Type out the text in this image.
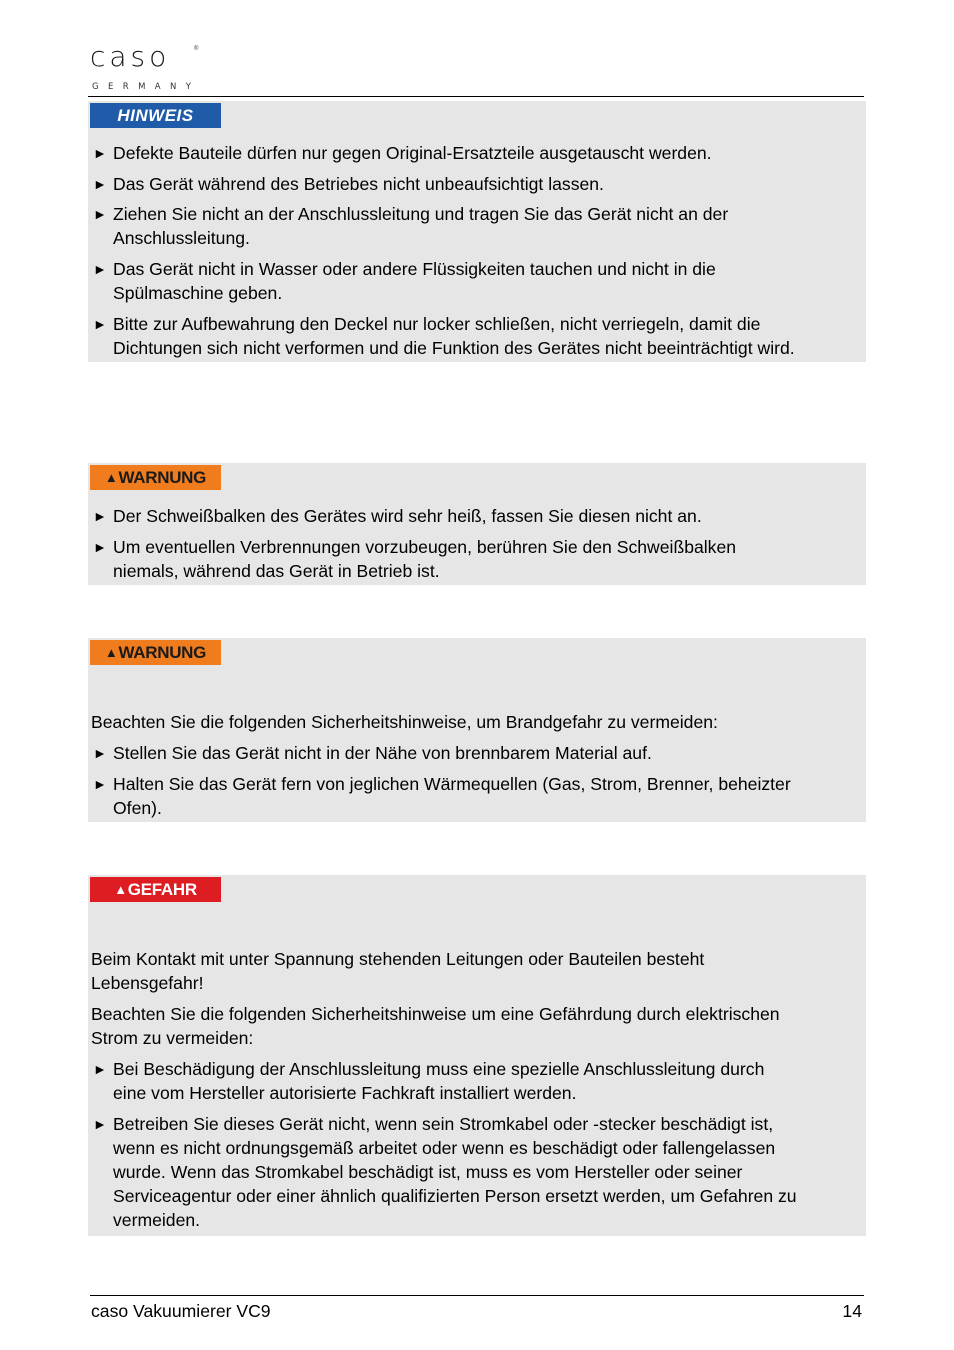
caso	®
GERMANY
HINWEIS
► Defekte Bauteile dürfen nur gegen Original-Ersatzteile ausgetauscht werden.

► Das Gerät während des Betriebes nicht unbeaufsichtigt lassen.

► Ziehen Sie nicht an der Anschlussleitung und tragen Sie das Gerät nicht an der

Anschlussleitung.

► Das Gerät nicht in Wasser oder andere Flüssigkeiten tauchen und nicht in die

Spülmaschine geben.

► Bitte zur Aufbewahrung den Deckel nur locker schließen, nicht verriegeln, damit die

Dichtungen sich nicht verformen und die Funktion des Gerätes nicht beeinträchtigt wird.

▲WARNUNG
► Der Schweißbalken des Gerätes wird sehr heiß, fassen Sie diesen nicht an.

► Um eventuellen Verbrennungen vorzubeugen, berühren Sie den Schweißbalken

niemals, während das Gerät in Betrieb ist.

▲WARNUNG

Beachten Sie die folgenden Sicherheitshinweise, um Brandgefahr zu vermeiden:

► Stellen Sie das Gerät nicht in der Nähe von brennbarem Material auf.

► Halten Sie das Gerät fern von jeglichen Wärmequellen (Gas, Strom, Brenner, beheizter

Ofen).

▲GEFAHR

Beim Kontakt mit unter Spannung stehenden Leitungen oder Bauteilen besteht

Lebensgefahr!

Beachten Sie die folgenden Sicherheitshinweise um eine Gefährdung durch elektrischen

Strom zu vermeiden:

► Bei Beschädigung der Anschlussleitung muss eine spezielle Anschlussleitung durch

eine vom Hersteller autorisierte Fachkraft installiert werden.

► Betreiben Sie dieses Gerät nicht, wenn sein Stromkabel oder -stecker beschädigt ist,

wenn es nicht ordnungsgemäß arbeitet oder wenn es beschädigt oder fallengelassen

wurde. Wenn das Stromkabel beschädigt ist, muss es vom Hersteller oder seiner

Serviceagentur oder einer ähnlich qualifizierten Person ersetzt werden, um Gefahren zu

vermeiden.

caso Vakuumierer VC9	14
